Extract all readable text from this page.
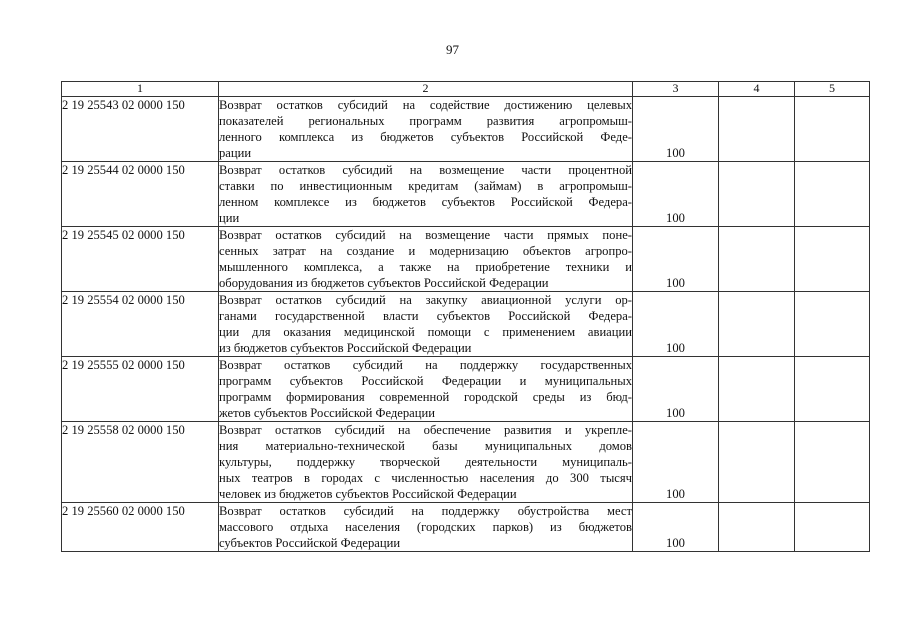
97
1	2	3	4	5
2 19 25543 02 0000 150	Возврат остатков субсидий на содействие достижению целевых
показателей региональных программ развития агропромыш-
ленного комплекса из бюджетов субъектов Российской Феде-
рации	100		

2 19 25544 02 0000 150	Возврат остатков субсидий на возмещение части процентной
ставки по инвестиционным кредитам (займам) в агропромыш-
ленном комплексе из бюджетов субъектов Российской Федера-
ции	100		

2 19 25545 02 0000 150	Возврат остатков субсидий на возмещение части прямых поне-
сенных затрат на создание и модернизацию объектов агропро-
мышленного комплекса, а также на приобретение техники и
оборудования из бюджетов субъектов Российской Федерации	100		

2 19 25554 02 0000 150	Возврат остатков субсидий на закупку авиационной услуги ор-
ганами государственной власти субъектов Российской Федера-
ции для оказания медицинской помощи с применением авиации
из бюджетов субъектов Российской Федерации	100		

2 19 25555 02 0000 150	Возврат остатков субсидий на поддержку государственных
программ субъектов Российской Федерации и муниципальных
программ формирования современной городской среды из бюд-
жетов субъектов Российской Федерации	100		

2 19 25558 02 0000 150	Возврат остатков субсидий на обеспечение развития и укрепле-
ния материально-технической базы муниципальных домов
культуры, поддержку творческой деятельности муниципаль-
ных театров в городах с численностью населения до 300 тысяч
человек из бюджетов субъектов Российской Федерации	100		

2 19 25560 02 0000 150	Возврат остатков субсидий на поддержку обустройства мест
массового отдыха населения (городских парков) из бюджетов
субъектов Российской Федерации	100		
